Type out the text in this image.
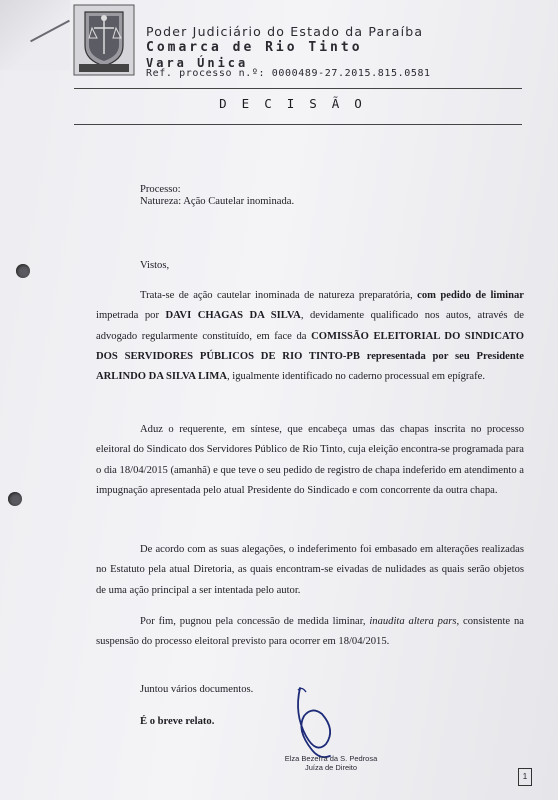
Poder Judiciário do Estado da Paraíba
Comarca de Rio Tinto
Vara Única
Ref. processo n.º: 0000489-27.2015.815.0581
DECISÃO
Processo:
Natureza: Ação Cautelar inominada.
Vistos,
Trata-se de ação cautelar inominada de natureza preparatória, com pedido de liminar impetrada por DAVI CHAGAS DA SILVA, devidamente qualificado nos autos, através de advogado regularmente constituído, em face da COMISSÃO ELEITORIAL DO SINDICATO DOS SERVIDORES PÚBLICOS DE RIO TINTO-PB representada por seu Presidente ARLINDO DA SILVA LIMA, igualmente identificado no caderno processual em epígrafe.
Aduz o requerente, em síntese, que encabeça umas das chapas inscrita no processo eleitoral do Sindicato dos Servidores Público de Rio Tinto, cuja eleição encontra-se programada para o dia 18/04/2015 (amanhã) e que teve o seu pedido de registro de chapa indeferido em atendimento a impugnação apresentada pelo atual Presidente do Sindicado e com concorrente da outra chapa.
De acordo com as suas alegações, o indeferimento foi embasado em alterações realizadas no Estatuto pela atual Diretoria, as quais encontram-se eivadas de nulidades as quais serão objetos de uma ação principal a ser intentada pelo autor.
Por fim, pugnou pela concessão de medida liminar, inaudita altera pars, consistente na suspensão do processo eleitoral previsto para ocorrer em 18/04/2015.
Juntou vários documentos.
É o breve relato.
Elza Bezerra da S. Pedrosa
Juíza de Direito
1
